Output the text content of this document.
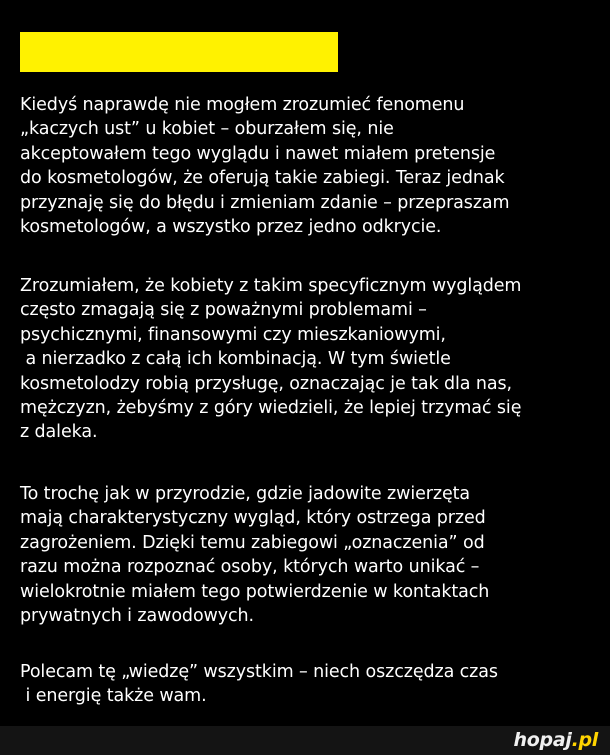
Kiedyś naprawdę nie mogłem zrozumieć fenomenu
„kaczych ust” u kobiet – oburzałem się, nie
akceptowałem tego wyglądu i nawet miałem pretensje
do kosmetologów, że oferują takie zabiegi. Teraz jednak
przyznaję się do błędu i zmieniam zdanie – przepraszam
kosmetologów, a wszystko przez jedno odkrycie.

Zrozumiałem, że kobiety z takim specyficznym wyglądem
często zmagają się z poważnymi problemami –
psychicznymi, finansowymi czy mieszkaniowymi,
a nierzadko z całą ich kombinacją. W tym świetle
kosmetolodzy robią przysługę, oznaczając je tak dla nas,
mężczyzn, żebyśmy z góry wiedzieli, że lepiej trzymać się
z daleka.

To trochę jak w przyrodzie, gdzie jadowite zwierzęta
mają charakterystyczny wygląd, który ostrzega przed
zagrożeniem. Dzięki temu zabiegowi „oznaczenia” od
razu można rozpoznać osoby, których warto unikać –
wielokrotnie miałem tego potwierdzenie w kontaktach
prywatnych i zawodowych.

Polecam tę „wiedzę” wszystkim – niech oszczędza czas
i energię także wam.

hopaj.pl
